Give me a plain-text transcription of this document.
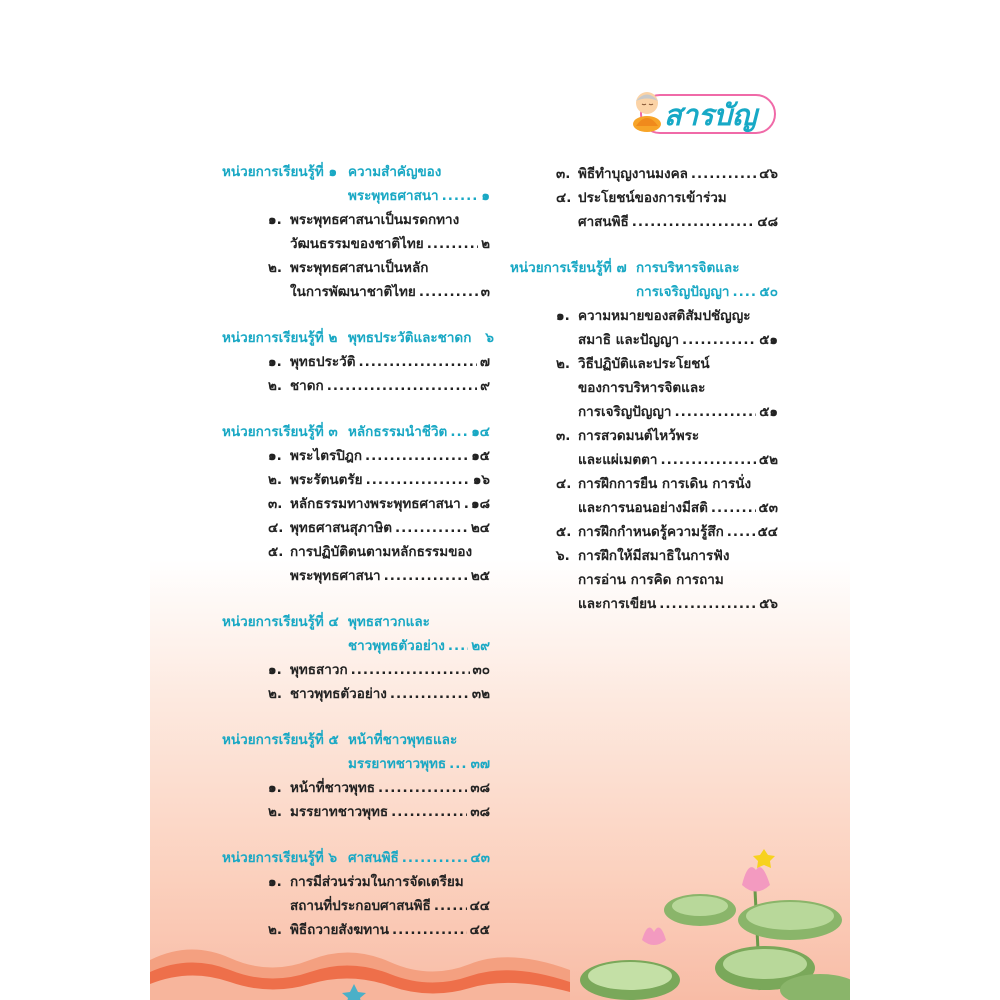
สารบัญ
หน่วยการเรียนรู้ที่ ๑ ความสำคัญของ
พระพุทธศาสนา .....	๑
๑. พระพุทธศาสนาเป็นมรดกทาง
วัฒนธรรมของชาติไทย .....	๒
๒. พระพุทธศาสนาเป็นหลัก
ในการพัฒนาชาติไทย .....	๓
หน่วยการเรียนรู้ที่ ๒ พุทธประวัติและชาดก ๖
๑. พุทธประวัติ .....	๗
๒. ชาดก .....	๙
หน่วยการเรียนรู้ที่ ๓ หลักธรรมนำชีวิต ..... ๑๔
๑. พระไตรปิฎก .....	๑๕
๒. พระรัตนตรัย .....	๑๖
๓. หลักธรรมทางพระพุทธศาสนา ..... ๑๘
๔. พุทธศาสนสุภาษิต .....	๒๔
๕. การปฏิบัติตนตามหลักธรรมของ
พระพุทธศาสนา .....	๒๕
หน่วยการเรียนรู้ที่ ๔ พุทธสาวกและ
ชาวพุทธตัวอย่าง ..... ๒๙
๑. พุทธสาวก .....	๓๐
๒. ชาวพุทธตัวอย่าง .....	๓๒
หน่วยการเรียนรู้ที่ ๕ หน้าที่ชาวพุทธและ
มรรยาทชาวพุทธ ..... ๓๗
๑. หน้าที่ชาวพุทธ .....	๓๘
๒. มรรยาทชาวพุทธ .....	๓๘
หน่วยการเรียนรู้ที่ ๖ ศาสนพิธี .....	๔๓
๑. การมีส่วนร่วมในการจัดเตรียม
สถานที่ประกอบศาสนพิธี .....	๔๔
๒. พิธีถวายสังฆทาน .....	๔๕
๓. พิธีทำบุญงานมงคล .....	๔๖
๔. ประโยชน์ของการเข้าร่วม
ศาสนพิธี .....	๔๘
หน่วยการเรียนรู้ที่ ๗ การบริหารจิตและ
การเจริญปัญญา ..... ๕๐
๑. ความหมายของสติสัมปชัญญะ
สมาธิ และปัญญา .....	๕๑
๒. วิธีปฏิบัติและประโยชน์
ของการบริหารจิตและ
การเจริญปัญญา .....	๕๑
๓. การสวดมนต์ไหว้พระ
และแผ่เมตตา .....	๕๒
๔. การฝึกการยืน การเดิน การนั่ง
และการนอนอย่างมีสติ .....	๕๓
๕. การฝึกกำหนดรู้ความรู้สึก .....	๕๔
๖. การฝึกให้มีสมาธิในการฟัง
การอ่าน การคิด การถาม
และการเขียน .....	๕๖
